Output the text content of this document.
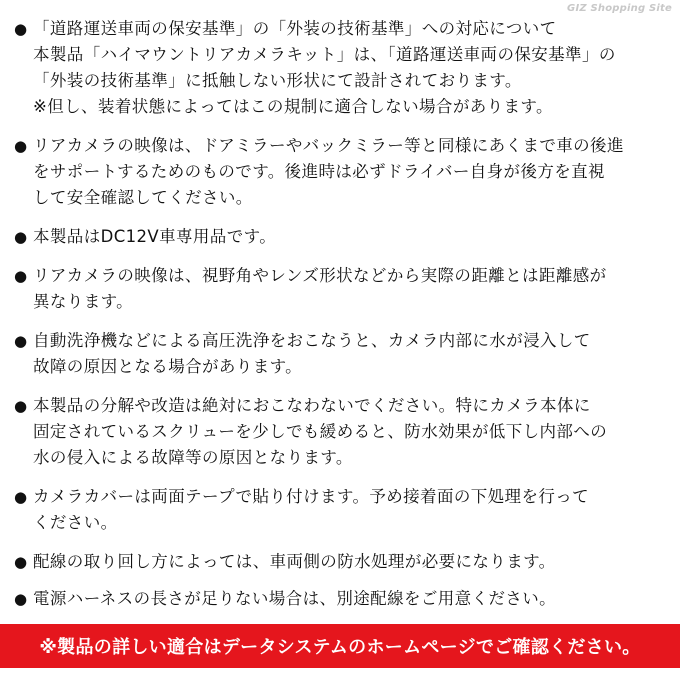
GIZ Shopping Site
● 「道路運送車両の保安基準」の「外装の技術基準」への対応について
本製品「ハイマウントリアカメラキット」は、「道路運送車両の保安基準」の
「外装の技術基準」に抵触しない形状にて設計されております。
※但し、装着状態によってはこの規制に適合しない場合があります。
● リアカメラの映像は、ドアミラーやバックミラー等と同様にあくまで車の後進
をサポートするためのものです。後進時は必ずドライバー自身が後方を直視
して安全確認してください。
● 本製品はDC12V車専用品です。
● リアカメラの映像は、視野角やレンズ形状などから実際の距離とは距離感が
異なります。
● 自動洗浄機などによる高圧洗浄をおこなうと、カメラ内部に水が浸入して
故障の原因となる場合があります。
● 本製品の分解や改造は絶対におこなわないでください。特にカメラ本体に
固定されているスクリューを少しでも緩めると、防水効果が低下し内部への
水の侵入による故障等の原因となります。
● カメラカバーは両面テープで貼り付けます。予め接着面の下処理を行って
ください。
● 配線の取り回し方によっては、車両側の防水処理が必要になります。
● 電源ハーネスの長さが足りない場合は、別途配線をご用意ください。
※製品の詳しい適合はデータシステムのホームページでご確認ください。
